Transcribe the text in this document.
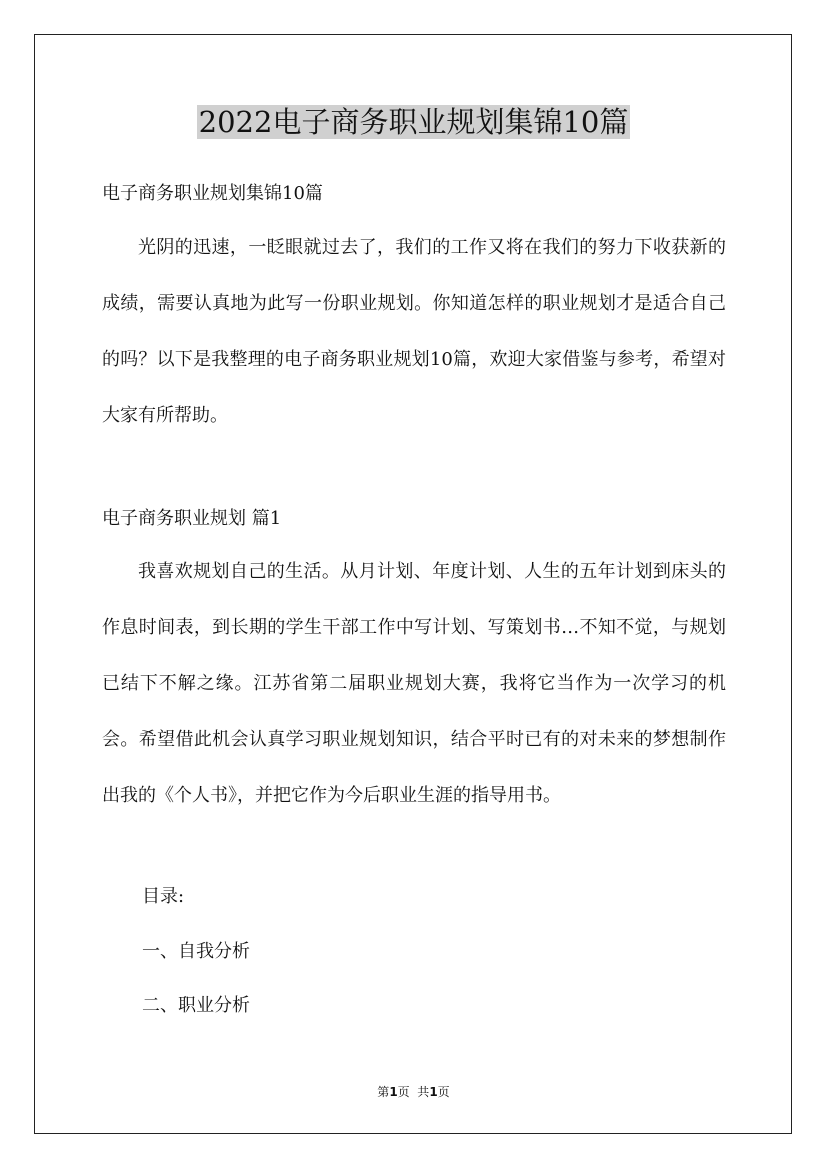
2022电子商务职业规划集锦10篇

电子商务职业规划集锦10篇

光阴的迅速，一眨眼就过去了，我们的工作又将在我们的努力下收获新的成绩，需要认真地为此写一份职业规划。你知道怎样的职业规划才是适合自己的吗？以下是我整理的电子商务职业规划10篇，欢迎大家借鉴与参考，希望对大家有所帮助。

电子商务职业规划 篇1

我喜欢规划自己的生活。从月计划、年度计划、人生的五年计划到床头的作息时间表，到长期的学生干部工作中写计划、写策划书…不知不觉，与规划已结下不解之缘。江苏省第二届职业规划大赛，我将它当作为一次学习的机会。希望借此机会认真学习职业规划知识，结合平时已有的对未来的梦想制作出我的《个人书》，并把它作为今后职业生涯的指导用书。

目录:

一、自我分析

二、职业分析

第1页  共1页
